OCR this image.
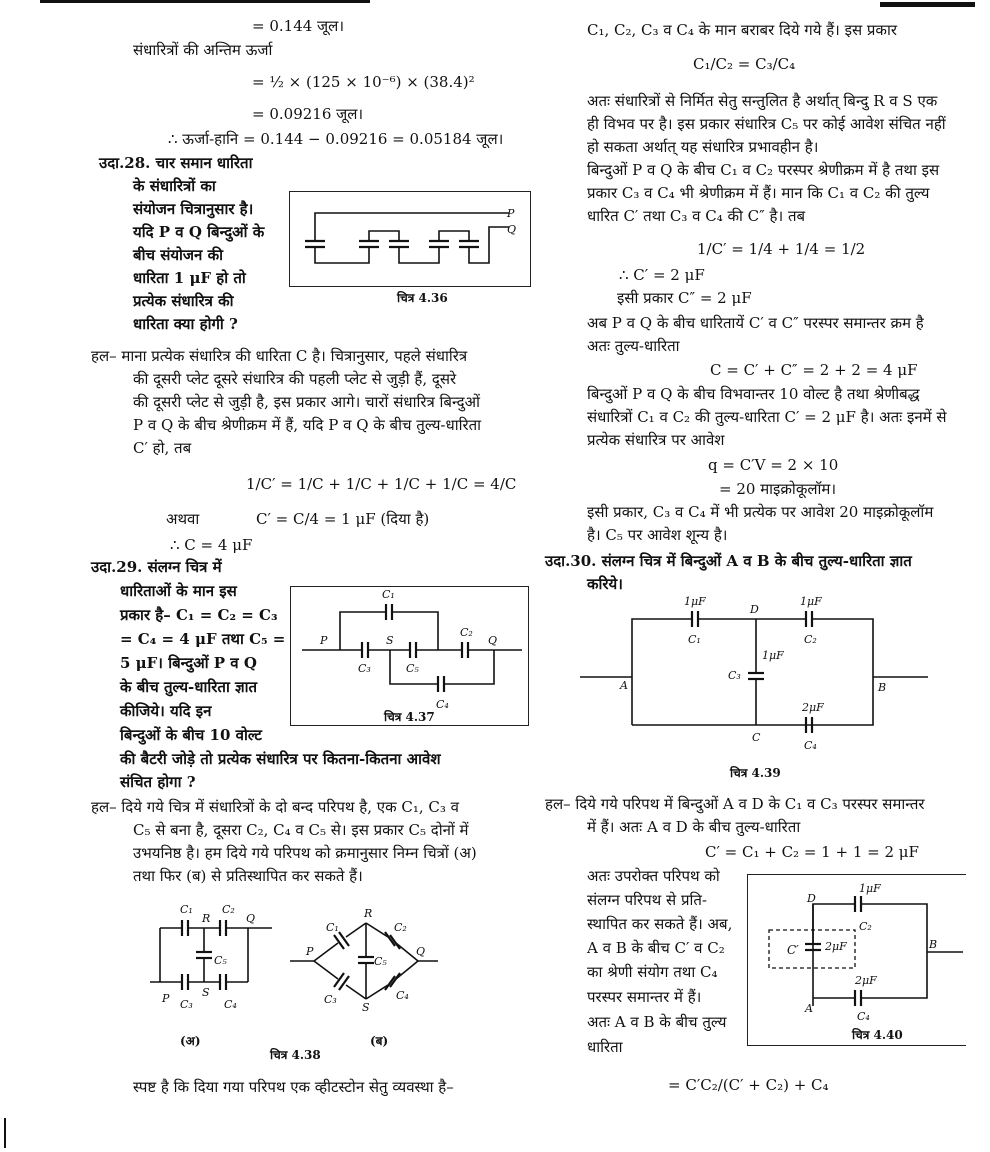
= 0.144 जूल।
संधारित्रों की अन्तिम ऊर्जा
= ½ × (125 × 10⁻⁶) × (38.4)²
= 0.09216 जूल।
∴ ऊर्जा-हानि = 0.144 − 0.09216 = 0.05184 जूल।
उदा.28. चार समान धारिता
के संधारित्रों का
संयोजन चित्रानुसार है।
यदि P व Q बिन्दुओं के
बीच संयोजन की
धारिता 1 μF हो तो
प्रत्येक संधारित्र की
धारिता क्या होगी ?
P
Q
चित्र 4.36
हल– माना प्रत्येक संधारित्र की धारिता C है। चित्रानुसार, पहले संधारित्र
की दूसरी प्लेट दूसरे संधारित्र की पहली प्लेट से जुड़ी हैं, दूसरे
की दूसरी प्लेट से जुड़ी है, इस प्रकार आगे। चारों संधारित्र बिन्दुओं
P व Q के बीच श्रेणीक्रम में हैं, यदि P व Q के बीच तुल्य-धारिता
C′ हो, तब
1/C′ = 1/C + 1/C + 1/C + 1/C = 4/C
अथवा	C′ = C/4 = 1 μF (दिया है)
∴ C = 4 μF
उदा.29. संलग्न चित्र में
धारिताओं के मान इस
प्रकार है– C₁ = C₂ = C₃
= C₄ = 4 μF तथा C₅ =
5 μF। बिन्दुओं P व Q
के बीच तुल्य-धारिता ज्ञात
कीजिये। यदि इन
बिन्दुओं के बीच 10 वोल्ट
की बैटरी जोड़े तो प्रत्येक संधारित्र पर कितना-कितना आवेश
संचित होगा ?
C₁
P	S
C₂
Q
C₃	C₅
C₄
चित्र 4.37
हल– दिये गये चित्र में संधारित्रों के दो बन्द परिपथ है, एक C₁, C₃ व
C₅ से बना है, दूसरा C₂, C₄ व C₅ से। इस प्रकार C₅ दोनों में
उभयनिष्ठ है। हम दिये गये परिपथ को क्रमानुसार निम्न चित्रों (अ)
तथा फिर (ब) से प्रतिस्थापित कर सकते हैं।
C₁
R
C₂
Q
C₅
P C₃
S
C₄
(अ)
R
C₁	C₂
P	Q
C₅
C₃	C₄
S
(ब)
चित्र 4.38
स्पष्ट है कि दिया गया परिपथ एक व्हीटस्टोन सेतु व्यवस्था है–
C₁, C₂, C₃ व C₄ के मान बराबर दिये गये हैं। इस प्रकार
C₁/C₂ = C₃/C₄
अतः संधारित्रों से निर्मित सेतु सन्तुलित है अर्थात् बिन्दु R व S एक
ही विभव पर है। इस प्रकार संधारित्र C₅ पर कोई आवेश संचित नहीं
हो सकता अर्थात् यह संधारित्र प्रभावहीन है।
बिन्दुओं P व Q के बीच C₁ व C₂ परस्पर श्रेणीक्रम में है तथा इस
प्रकार C₃ व C₄ भी श्रेणीक्रम में हैं। मान कि C₁ व C₂ की तुल्य
धारित C′ तथा C₃ व C₄ की C″ है। तब
1/C′ = 1/4 + 1/4 = 1/2
∴ C′ = 2 μF
इसी प्रकार C″ = 2 μF
अब P व Q के बीच धारितायें C′ व C″ परस्पर समान्तर क्रम है
अतः तुल्य-धारिता
C = C′ + C″ = 2 + 2 = 4 μF
बिन्दुओं P व Q के बीच विभवान्तर 10 वोल्ट है तथा श्रेणीबद्ध
संधारित्रों C₁ व C₂ की तुल्य-धारिता C′ = 2 μF है। अतः इनमें से
प्रत्येक संधारित्र पर आवेश
q = C′V = 2 × 10
= 20 माइक्रोकूलॉम।
इसी प्रकार, C₃ व C₄ में भी प्रत्येक पर आवेश 20 माइक्रोकूलॉम
है। C₅ पर आवेश शून्य है।
उदा.30. संलग्न चित्र में बिन्दुओं A व B के बीच तुल्य-धारिता ज्ञात
करिये।
1μF
C₁
D
1μF
C₂
1μF
C₃
A	B
2μF
C
C₄
चित्र 4.39
हल– दिये गये परिपथ में बिन्दुओं A व D के C₁ व C₃ परस्पर समान्तर
में हैं। अतः A व D के बीच तुल्य-धारिता
C′ = C₁ + C₂ = 1 + 1 = 2 μF
अतः उपरोक्त परिपथ को
संलग्न परिपथ से प्रति-
स्थापित कर सकते हैं। अब,
A व B के बीच C′ व C₂
का श्रेणी संयोग तथा C₄
परस्पर समान्तर में हैं।
अतः A व B के बीच तुल्य
धारिता
1μF
D
C₂
C′ 2μF	B
2μF
A
C₄
चित्र 4.40
= C′C₂/(C′ + C₂) + C₄
